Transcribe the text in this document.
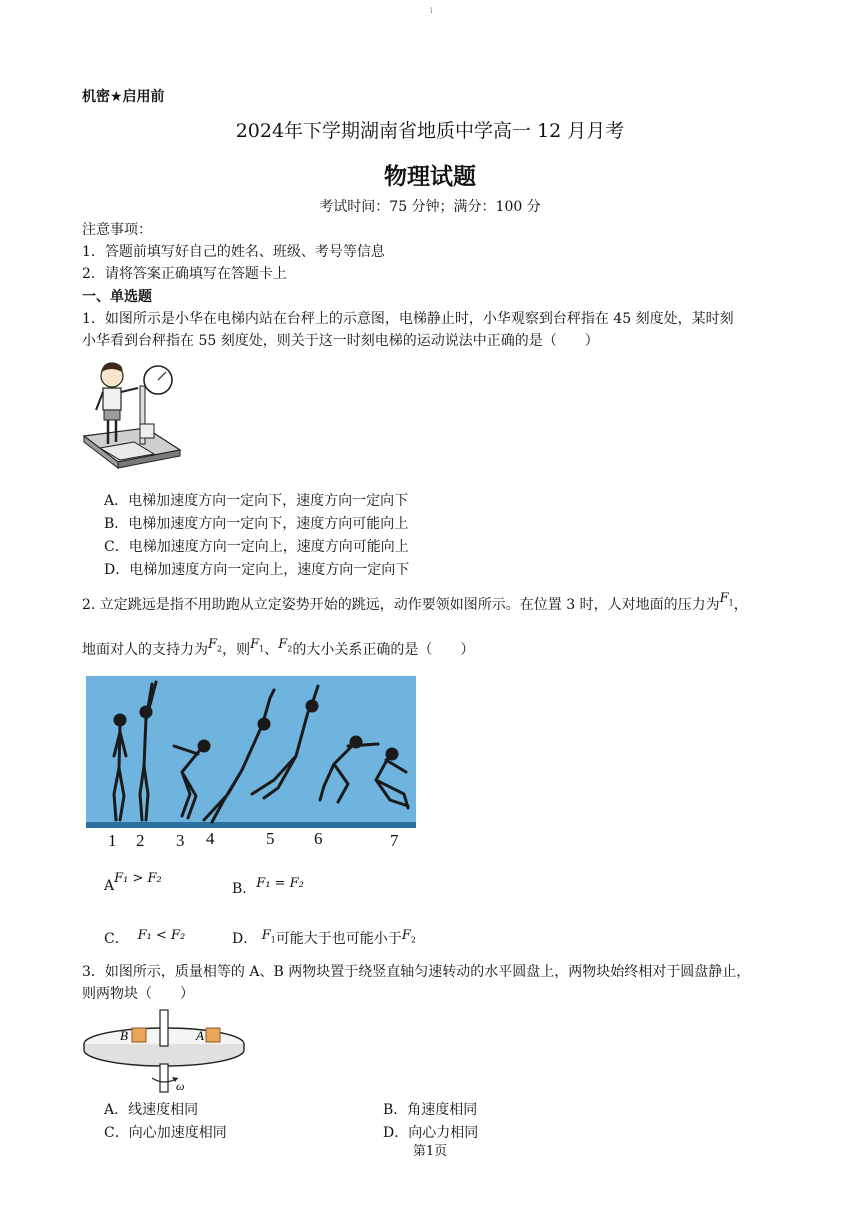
i
机密★启用前
2024年下学期湖南省地质中学高一 12 月月考
物理试题
考试时间：75 分钟；满分：100 分
注意事项：
1．答题前填写好自己的姓名、班级、考号等信息
2．请将答案正确填写在答题卡上
一、单选题
1．如图所示是小华在电梯内站在台秤上的示意图，电梯静止时，小华观察到台秤指在 45 刻度处，某时刻
小华看到台秤指在 55 刻度处，则关于这一时刻电梯的运动说法中正确的是（　　）
A．电梯加速度方向一定向下，速度方向一定向下
B．电梯加速度方向一定向下，速度方向可能向上
C．电梯加速度方向一定向上，速度方向可能向上
D．电梯加速度方向一定向上，速度方向一定向下
2. 立定跳远是指不用助跑从立定姿势开始的跳远，动作要领如图所示。在位置 3 时，人对地面的压力为$F_1$，
地面对人的支持力为$F_2$，则$F_1$、$F_2$的大小关系正确的是（　　）
1 2 3 4	5 6	7
AF₁ > F₂
B．F₁ = F₂
C． F₁ < F₂	D． $F_1$可能大于也可能小于$F_2$
3．如图所示，质量相等的 A、B 两物块置于绕竖直轴匀速转动的水平圆盘上，两物块始终相对于圆盘静止，
则两物块（　　）
B	A
ω
A．线速度相同	B．角速度相同
C．向心加速度相同	D．向心力相同
第1页
